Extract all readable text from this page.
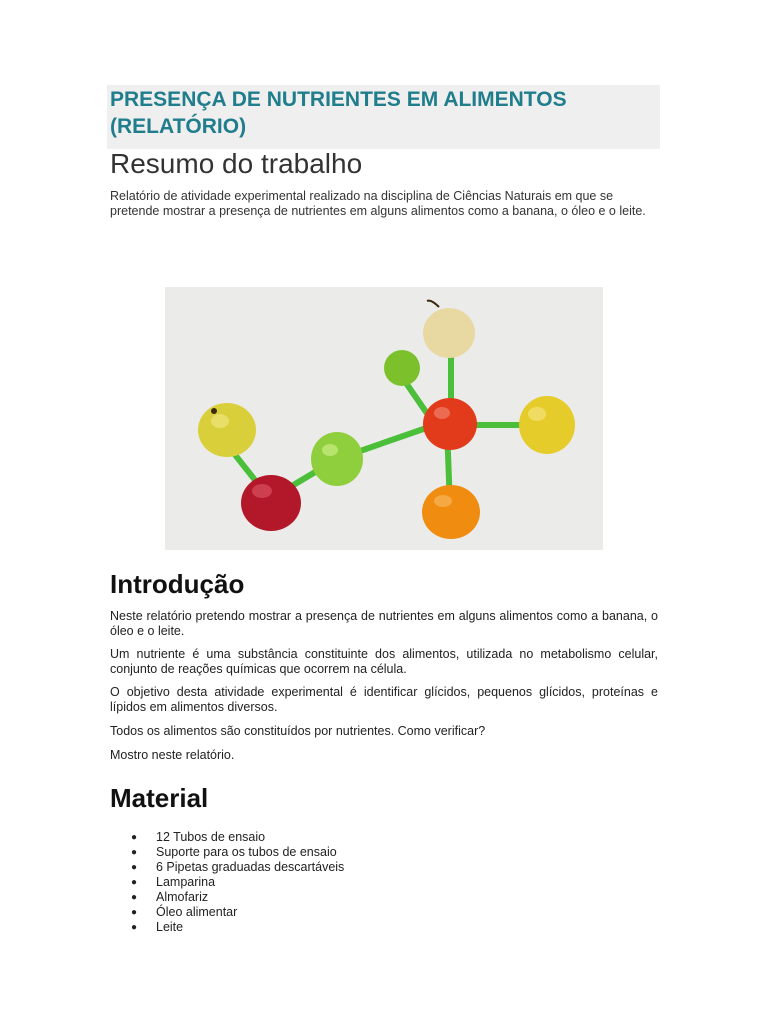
PRESENÇA DE NUTRIENTES EM ALIMENTOS (RELATÓRIO)
Resumo do trabalho

Relatório de atividade experimental realizado na disciplina de Ciências Naturais em que se pretende mostrar a presença de nutrientes em alguns alimentos como a banana, o óleo e o leite.

Introdução

Neste relatório pretendo mostrar a presença de nutrientes em alguns alimentos como a banana, o óleo e o leite.

Um nutriente é uma substância constituinte dos alimentos, utilizada no metabolismo celular, conjunto de reações químicas que ocorrem na célula.

O objetivo desta atividade experimental é identificar glícidos, pequenos glícidos, proteínas e lípidos em alimentos diversos.

Todos os alimentos são constituídos por nutrientes. Como verificar?

Mostro neste relatório.

Material
● 12 Tubos de ensaio
● Suporte para os tubos de ensaio
● 6 Pipetas graduadas descartáveis
● Lamparina
● Almofariz
● Óleo alimentar
● Leite
